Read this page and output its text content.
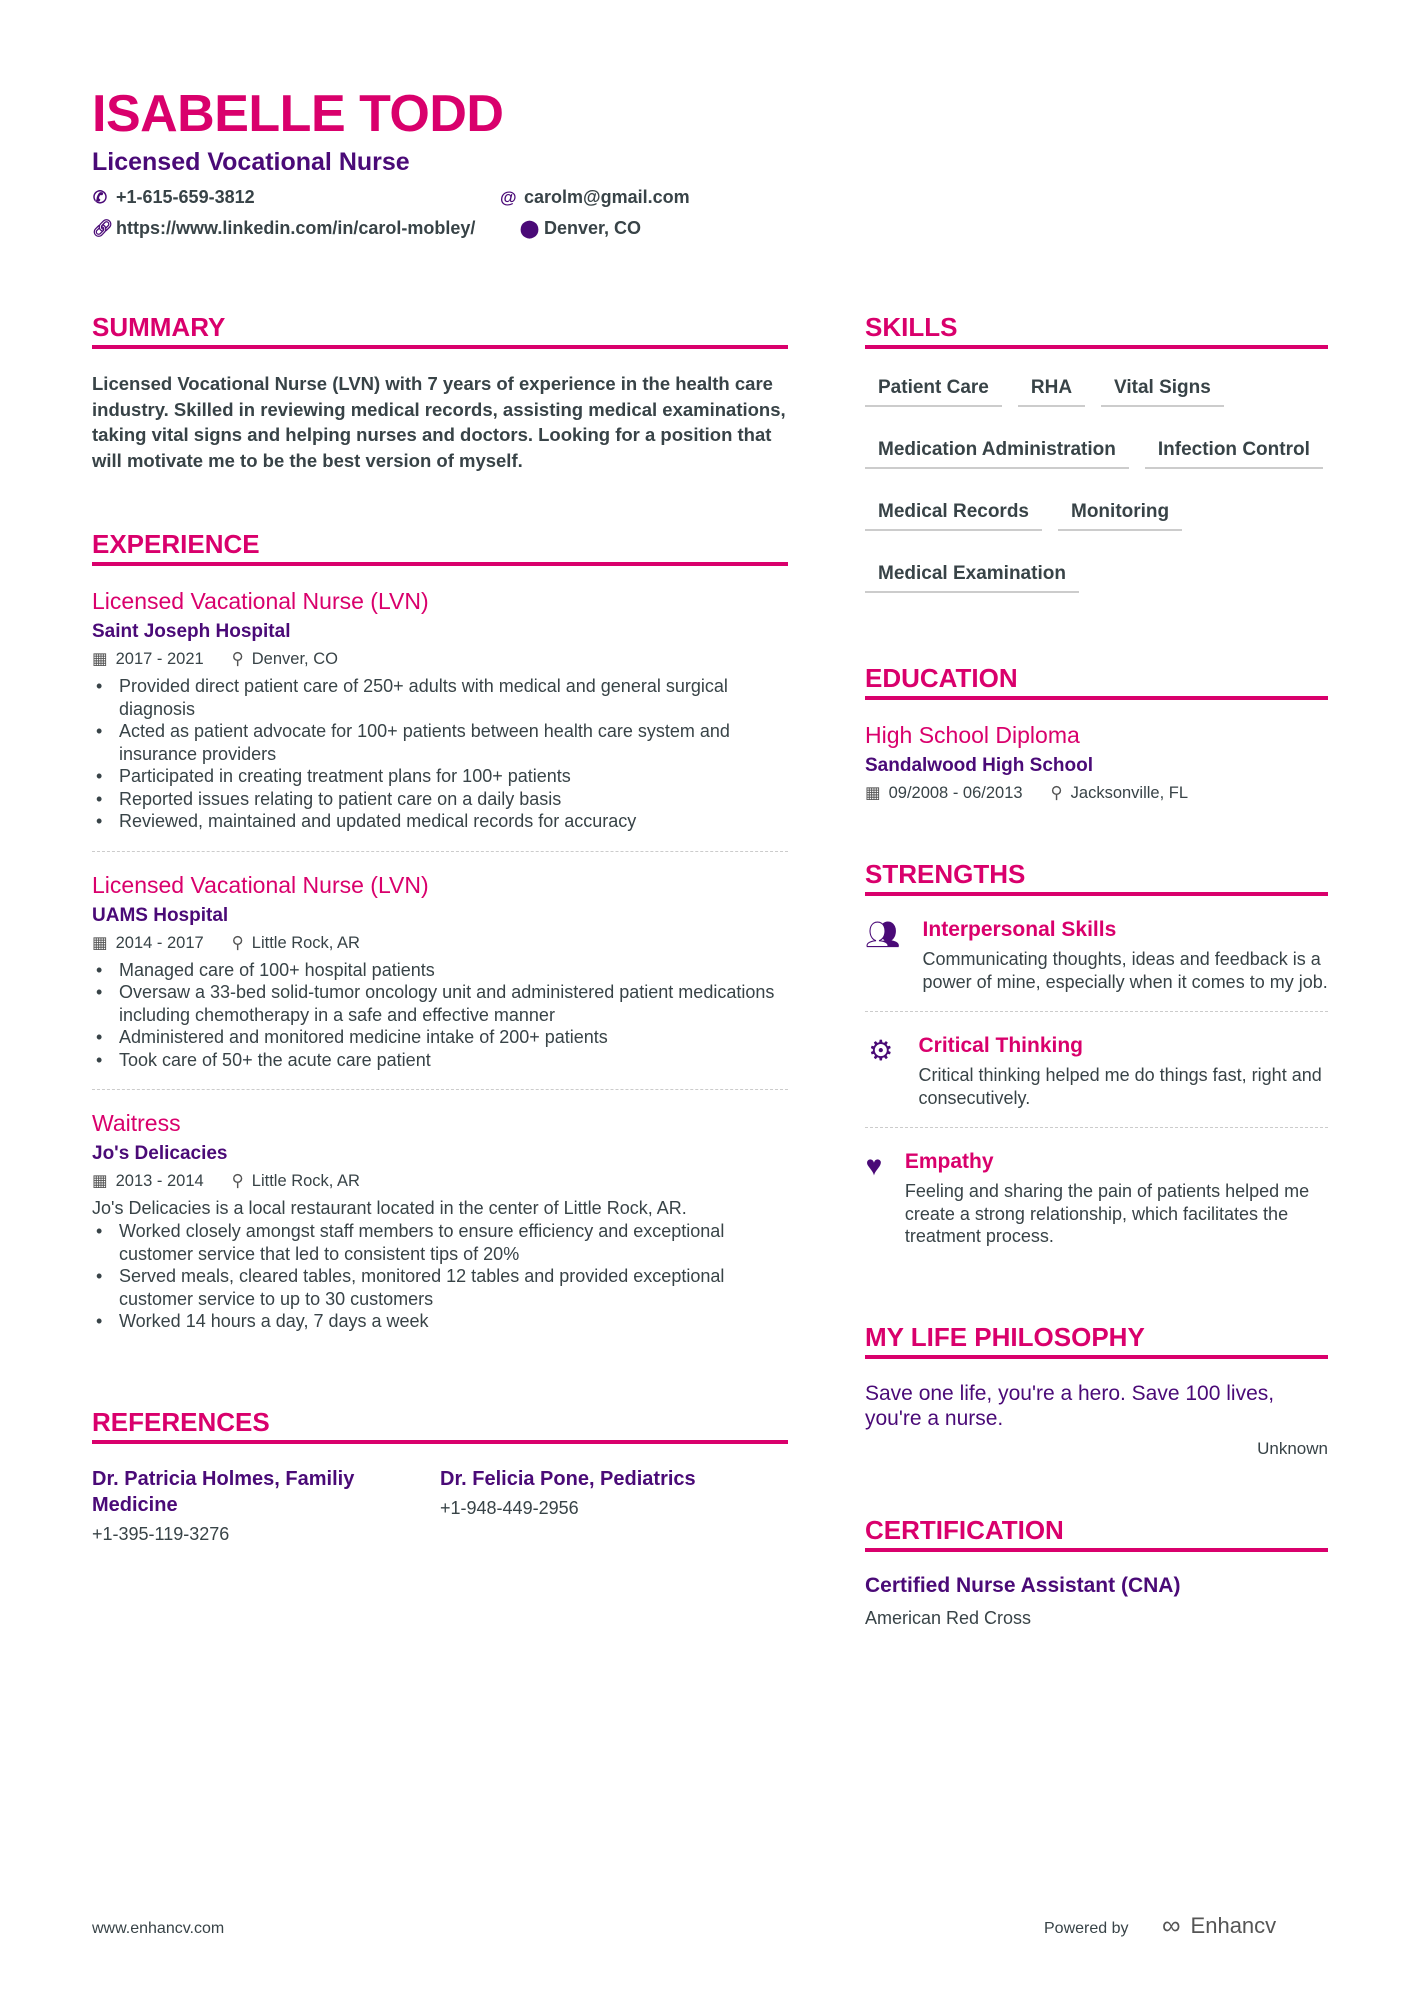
ISABELLE TODD
Licensed Vocational Nurse
✆ +1-615-659-3812	@ carolm@gmail.com
🔗︎ https://www.linkedin.com/in/carol-mobley/	⬤ Denver, CO
SUMMARY
Licensed Vocational Nurse (LVN) with 7 years of experience in the health care industry. Skilled in reviewing medical records, assisting medical examinations, taking vital signs and helping nurses and doctors. Looking for a position that will motivate me to be the best version of myself.
EXPERIENCE
Licensed Vacational Nurse (LVN)
Saint Joseph Hospital
▦ 2017 - 2021 ⚲ Denver, CO
• Provided direct patient care of 250+ adults with medical and general surgical diagnosis
• Acted as patient advocate for 100+ patients between health care system and insurance providers
• Participated in creating treatment plans for 100+ patients
• Reported issues relating to patient care on a daily basis
• Reviewed, maintained and updated medical records for accuracy
Licensed Vacational Nurse (LVN)
UAMS Hospital
▦ 2014 - 2017 ⚲ Little Rock, AR
• Managed care of 100+ hospital patients
• Oversaw a 33-bed solid-tumor oncology unit and administered patient medications including chemotherapy in a safe and effective manner
• Administered and monitored medicine intake of 200+ patients
• Took care of 50+ the acute care patient
Waitress
Jo's Delicacies
▦ 2013 - 2014 ⚲ Little Rock, AR
Jo's Delicacies is a local restaurant located in the center of Little Rock, AR.
• Worked closely amongst staff members to ensure efficiency and exceptional customer service that led to consistent tips of 20%
• Served meals, cleared tables, monitored 12 tables and provided exceptional customer service to up to 30 customers
• Worked 14 hours a day, 7 days a week
REFERENCES
Dr. Patricia Holmes, Familiy Medicine
+1-395-119-3276
Dr. Felicia Pone, Pediatrics
+1-948-449-2956
SKILLS
Patient Care	RHA	Vital Signs
Medication Administration	Infection Control
Medical Records	Monitoring
Medical Examination
EDUCATION
High School Diploma
Sandalwood High School
▦ 09/2008 - 06/2013 ⚲ Jacksonville, FL
STRENGTHS
👥︎ Interpersonal Skills
Communicating thoughts, ideas and feedback is a power of mine, especially when it comes to my job.
⚙ Critical Thinking
Critical thinking helped me do things fast, right and consecutively.
♥ Empathy
Feeling and sharing the pain of patients helped me create a strong relationship, which facilitates the treatment process.
MY LIFE PHILOSOPHY
Save one life, you're a hero. Save 100 lives, you're a nurse.
Unknown
CERTIFICATION
Certified Nurse Assistant (CNA)
American Red Cross
www.enhancv.com	Powered by ∞ Enhancv
